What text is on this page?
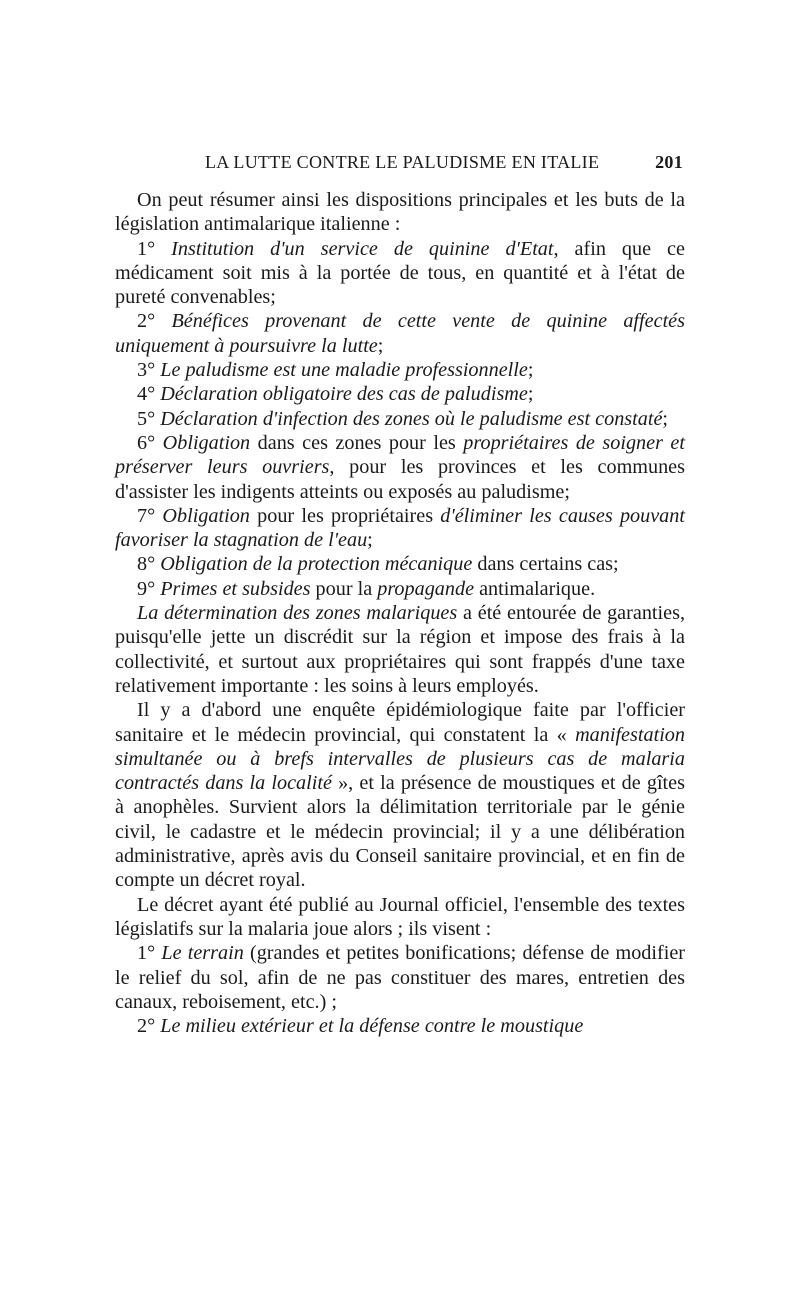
LA LUTTE CONTRE LE PALUDISME EN ITALIE	201

On peut résumer ainsi les dispositions principales et les buts de la législation antimalarique italienne :

1° Institution d'un service de quinine d'Etat, afin que ce médicament soit mis à la portée de tous, en quantité et à l'état de pureté convenables;

2° Bénéfices provenant de cette vente de quinine affectés uniquement à poursuivre la lutte;

3° Le paludisme est une maladie professionnelle;

4° Déclaration obligatoire des cas de paludisme;

5° Déclaration d'infection des zones où le paludisme est constaté;

6° Obligation dans ces zones pour les propriétaires de soigner et préserver leurs ouvriers, pour les provinces et les communes d'assister les indigents atteints ou exposés au paludisme;

7° Obligation pour les propriétaires d'éliminer les causes pouvant favoriser la stagnation de l'eau;

8° Obligation de la protection mécanique dans certains cas;

9° Primes et subsides pour la propagande antimalarique.

La détermination des zones malariques a été entourée de garanties, puisqu'elle jette un discrédit sur la région et impose des frais à la collectivité, et surtout aux propriétaires qui sont frappés d'une taxe relativement importante : les soins à leurs employés.

Il y a d'abord une enquête épidémiologique faite par l'officier sanitaire et le médecin provincial, qui constatent la « manifestation simultanée ou à brefs intervalles de plusieurs cas de malaria contractés dans la localité », et la présence de moustiques et de gîtes à anophèles. Survient alors la délimitation territoriale par le génie civil, le cadastre et le médecin provincial; il y a une délibération administrative, après avis du Conseil sanitaire provincial, et en fin de compte un décret royal.

Le décret ayant été publié au Journal officiel, l'ensemble des textes législatifs sur la malaria joue alors ; ils visent :

1° Le terrain (grandes et petites bonifications; défense de modifier le relief du sol, afin de ne pas constituer des mares, entretien des canaux, reboisement, etc.) ;

2° Le milieu extérieur et la défense contre le moustique
